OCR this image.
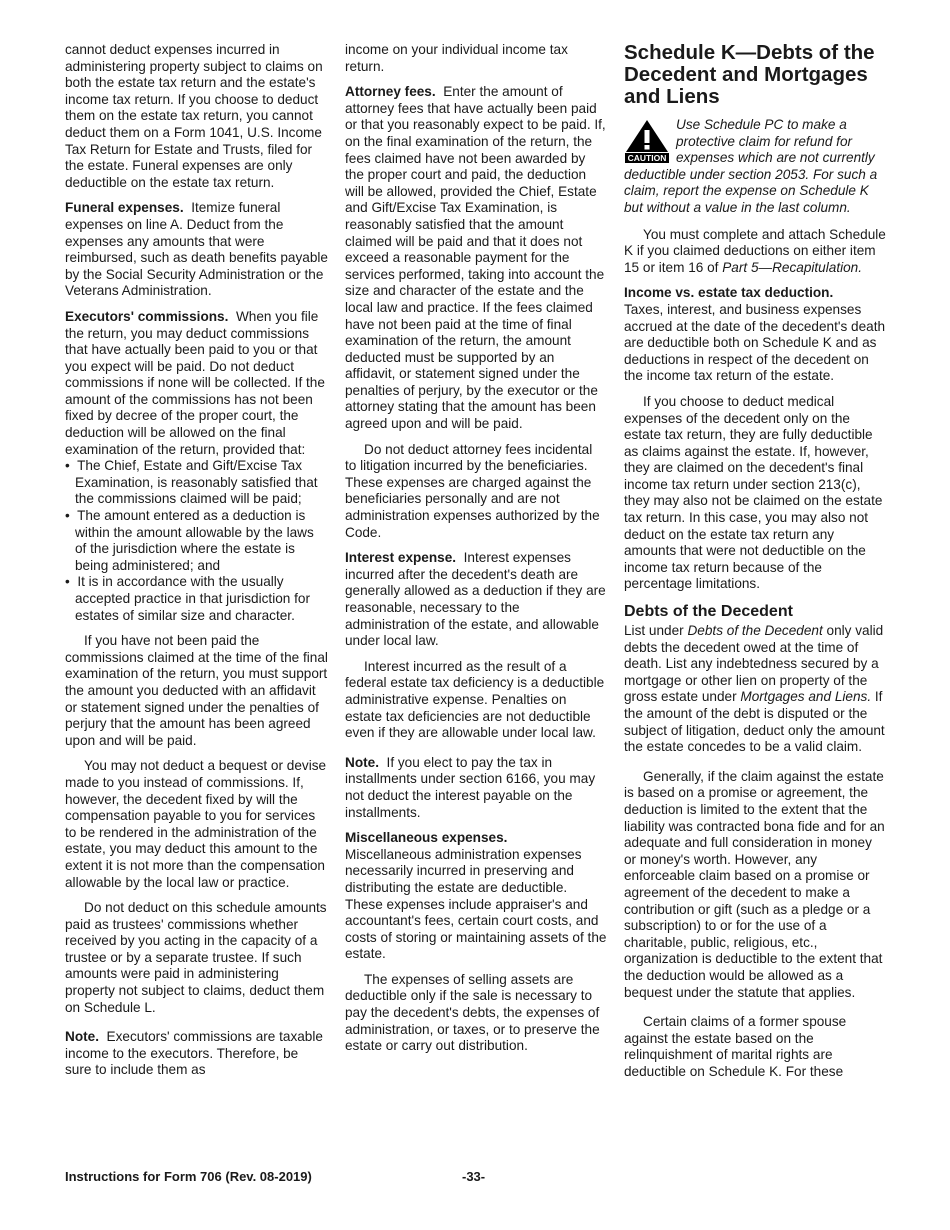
cannot deduct expenses incurred in administering property subject to claims on both the estate tax return and the estate's income tax return. If you choose to deduct them on the estate tax return, you cannot deduct them on a Form 1041, U.S. Income Tax Return for Estate and Trusts, filed for the estate. Funeral expenses are only deductible on the estate tax return.

Funeral expenses. Itemize funeral expenses on line A. Deduct from the expenses any amounts that were reimbursed, such as death benefits payable by the Social Security Administration or the Veterans Administration.

Executors' commissions. When you file the return, you may deduct commissions that have actually been paid to you or that you expect will be paid. Do not deduct commissions if none will be collected. If the amount of the commissions has not been fixed by decree of the proper court, the deduction will be allowed on the final examination of the return, provided that:

•  The Chief, Estate and Gift/Excise Tax Examination, is reasonably satisfied that the commissions claimed will be paid;

•  The amount entered as a deduction is within the amount allowable by the laws of the jurisdiction where the estate is being administered; and

•  It is in accordance with the usually accepted practice in that jurisdiction for estates of similar size and character.

If you have not been paid the commissions claimed at the time of the final examination of the return, you must support the amount you deducted with an affidavit or statement signed under the penalties of perjury that the amount has been agreed upon and will be paid.

You may not deduct a bequest or devise made to you instead of commissions. If, however, the decedent fixed by will the compensation payable to you for services to be rendered in the administration of the estate, you may deduct this amount to the extent it is not more than the compensation allowable by the local law or practice.

Do not deduct on this schedule amounts paid as trustees' commissions whether received by you acting in the capacity of a trustee or by a separate trustee. If such amounts were paid in administering property not subject to claims, deduct them on Schedule L.

Note. Executors' commissions are taxable income to the executors. Therefore, be sure to include them as

income on your individual income tax return.

Attorney fees. Enter the amount of attorney fees that have actually been paid or that you reasonably expect to be paid. If, on the final examination of the return, the fees claimed have not been awarded by the proper court and paid, the deduction will be allowed, provided the Chief, Estate and Gift/Excise Tax Examination, is reasonably satisfied that the amount claimed will be paid and that it does not exceed a reasonable payment for the services performed, taking into account the size and character of the estate and the local law and practice. If the fees claimed have not been paid at the time of final examination of the return, the amount deducted must be supported by an affidavit, or statement signed under the penalties of perjury, by the executor or the attorney stating that the amount has been agreed upon and will be paid.

Do not deduct attorney fees incidental to litigation incurred by the beneficiaries. These expenses are charged against the beneficiaries personally and are not administration expenses authorized by the Code.

Interest expense. Interest expenses incurred after the decedent's death are generally allowed as a deduction if they are reasonable, necessary to the administration of the estate, and allowable under local law.

Interest incurred as the result of a federal estate tax deficiency is a deductible administrative expense. Penalties on estate tax deficiencies are not deductible even if they are allowable under local law.

Note. If you elect to pay the tax in installments under section 6166, you may not deduct the interest payable on the installments.

Miscellaneous expenses.
Miscellaneous administration expenses necessarily incurred in preserving and distributing the estate are deductible. These expenses include appraiser's and accountant's fees, certain court costs, and costs of storing or maintaining assets of the estate.

The expenses of selling assets are deductible only if the sale is necessary to pay the decedent's debts, the expenses of administration, or taxes, or to preserve the estate or carry out distribution.

Schedule K—Debts of the Decedent and Mortgages and Liens
CAUTION
Use Schedule PC to make a protective claim for refund for expenses which are not currently deductible under section 2053. For such a claim, report the expense on Schedule K but without a value in the last column.

You must complete and attach Schedule K if you claimed deductions on either item 15 or item 16 of Part 5—Recapitulation.

Income vs. estate tax deduction.
Taxes, interest, and business expenses accrued at the date of the decedent's death are deductible both on Schedule K and as deductions in respect of the decedent on the income tax return of the estate.

If you choose to deduct medical expenses of the decedent only on the estate tax return, they are fully deductible as claims against the estate. If, however, they are claimed on the decedent's final income tax return under section 213(c), they may also not be claimed on the estate tax return. In this case, you may also not deduct on the estate tax return any amounts that were not deductible on the income tax return because of the percentage limitations.

Debts of the Decedent

List under Debts of the Decedent only valid debts the decedent owed at the time of death. List any indebtedness secured by a mortgage or other lien on property of the gross estate under Mortgages and Liens. If the amount of the debt is disputed or the subject of litigation, deduct only the amount the estate concedes to be a valid claim.

Generally, if the claim against the estate is based on a promise or agreement, the deduction is limited to the extent that the liability was contracted bona fide and for an adequate and full consideration in money or money's worth. However, any enforceable claim based on a promise or agreement of the decedent to make a contribution or gift (such as a pledge or a subscription) to or for the use of a charitable, public, religious, etc., organization is deductible to the extent that the deduction would be allowed as a bequest under the statute that applies.

Certain claims of a former spouse against the estate based on the relinquishment of marital rights are deductible on Schedule K. For these

Instructions for Form 706 (Rev. 08-2019)	-33-
